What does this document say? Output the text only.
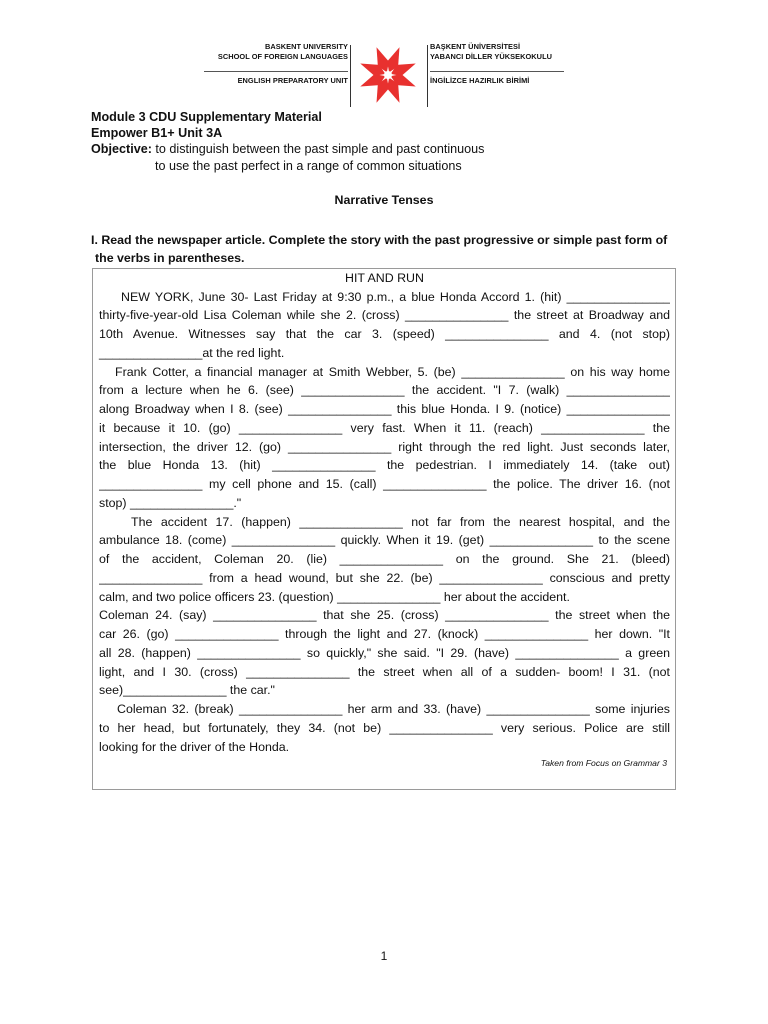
BASKENT UNIVERSITY
SCHOOL OF FOREIGN LANGUAGES
ENGLISH PREPARATORY UNIT
BAŞKENT ÜNİVERSİTESİ
YABANCI DİLLER YÜKSEKOKULU
İNGİLİZCE HAZIRLIK BİRİMİ
Module 3 CDU Supplementary Material
Empower B1+ Unit 3A
Objective: to distinguish between the past simple and past continuous
to use the past perfect in a range of common situations
Narrative Tenses
I. Read the newspaper article. Complete the story with the past progressive or simple past form of
the verbs in parentheses.
HIT AND RUN
NEW YORK, June 30- Last Friday at 9:30 p.m., a blue Honda Accord 1. (hit) _______________
thirty-five-year-old Lisa Coleman while she 2. (cross) _______________ the street at Broadway and
10th Avenue. Witnesses say that the car 3. (speed) _______________ and 4. (not stop)
_______________at the red light.
Frank Cotter, a financial manager at Smith Webber, 5. (be) _______________ on his way home
from a lecture when he 6. (see) _______________ the accident. "I 7. (walk) _______________
along Broadway when I 8. (see) _______________ this blue Honda. I 9. (notice) _______________
it because it 10. (go) _______________ very fast. When it 11. (reach) _______________ the
intersection, the driver 12. (go) _______________ right through the red light. Just seconds later,
the blue Honda 13. (hit) _______________ the pedestrian. I immediately 14. (take out)
_______________ my cell phone and 15. (call) _______________ the police. The driver 16. (not
stop) _______________."
The accident 17. (happen) _______________ not far from the nearest hospital, and the
ambulance 18. (come) _______________ quickly. When it 19. (get) _______________ to the scene
of the accident, Coleman 20. (lie) _______________ on the ground. She 21. (bleed)
_______________ from a head wound, but she 22. (be) _______________ conscious and pretty
calm, and two police officers 23. (question) _______________ her about the accident.
Coleman 24. (say) _______________ that she 25. (cross) _______________ the street when the
car 26. (go) _______________ through the light and 27. (knock) _______________ her down. "It
all 28. (happen) _______________ so quickly," she said. "I 29. (have) _______________ a green
light, and I 30. (cross) _______________ the street when all of a sudden- boom! I 31. (not
see)_______________ the car."
Coleman 32. (break) _______________ her arm and 33. (have) _______________ some injuries
to her head, but fortunately, they 34. (not be) _______________ very serious. Police are still
looking for the driver of the Honda.
Taken from Focus on Grammar 3
1
